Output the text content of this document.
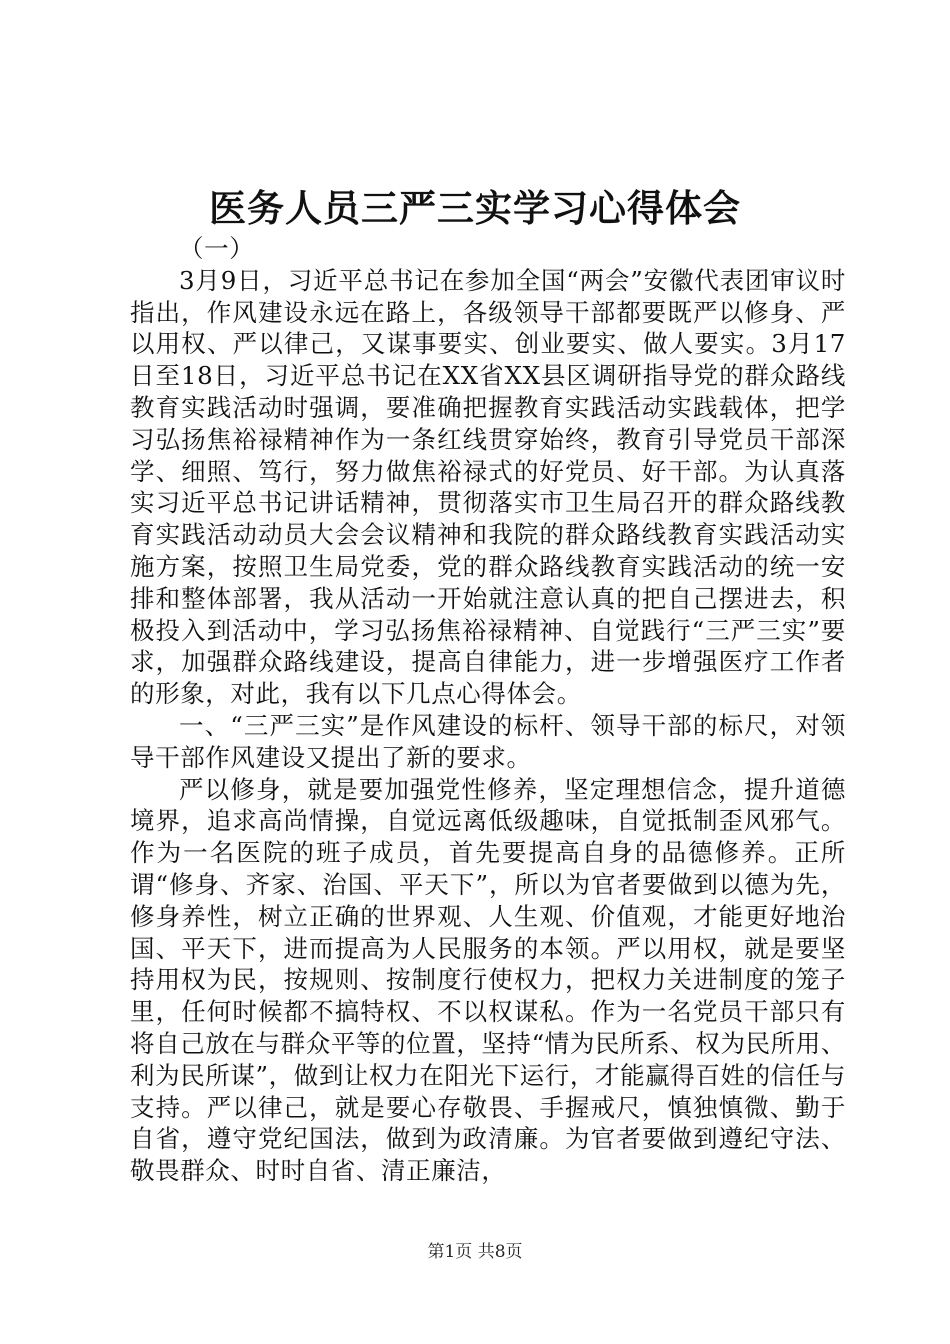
医务人员三严三实学习心得体会

（一）

3月9日，习近平总书记在参加全国“两会”安徽代表团审议时指出，作风建设永远在路上，各级领导干部都要既严以修身、严以用权、严以律己，又谋事要实、创业要实、做人要实。3月17日至18日，习近平总书记在XX省XX县区调研指导党的群众路线教育实践活动时强调，要准确把握教育实践活动实践载体，把学习弘扬焦裕禄精神作为一条红线贯穿始终，教育引导党员干部深学、细照、笃行，努力做焦裕禄式的好党员、好干部。为认真落实习近平总书记讲话精神，贯彻落实市卫生局召开的群众路线教育实践活动动员大会会议精神和我院的群众路线教育实践活动实施方案，按照卫生局党委，党的群众路线教育实践活动的统一安排和整体部署，我从活动一开始就注意认真的把自己摆进去，积极投入到活动中，学习弘扬焦裕禄精神、自觉践行“三严三实”要求，加强群众路线建设，提高自律能力，进一步增强医疗工作者的形象，对此，我有以下几点心得体会。

一、“三严三实”是作风建设的标杆、领导干部的标尺，对领导干部作风建设又提出了新的要求。

严以修身，就是要加强党性修养，坚定理想信念，提升道德境界，追求高尚情操，自觉远离低级趣味，自觉抵制歪风邪气。作为一名医院的班子成员，首先要提高自身的品德修养。正所谓“修身、齐家、治国、平天下”，所以为官者要做到以德为先，修身养性，树立正确的世界观、人生观、价值观，才能更好地治国、平天下，进而提高为人民服务的本领。严以用权，就是要坚持用权为民，按规则、按制度行使权力，把权力关进制度的笼子里，任何时候都不搞特权、不以权谋私。作为一名党员干部只有将自己放在与群众平等的位置，坚持“情为民所系、权为民所用、利为民所谋”，做到让权力在阳光下运行，才能赢得百姓的信任与支持。严以律己，就是要心存敬畏、手握戒尺，慎独慎微、勤于自省，遵守党纪国法，做到为政清廉。为官者要做到遵纪守法、敬畏群众、时时自省、清正廉洁，

第1页 共8页
